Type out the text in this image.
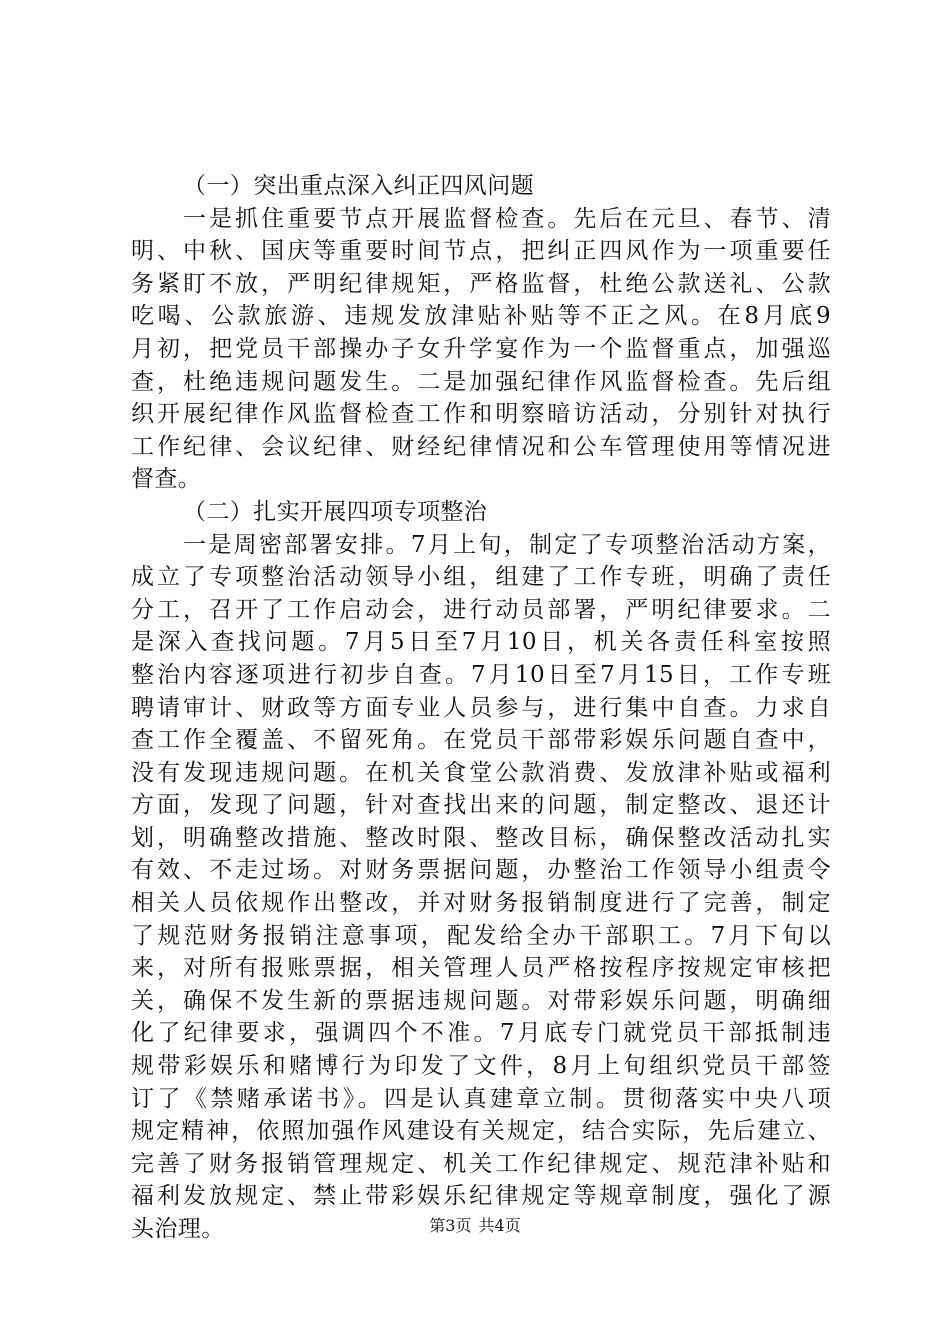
（一）突出重点深入纠正四风问题
一是抓住重要节点开展监督检查。先后在元旦、春节、清
明、中秋、国庆等重要时间节点，把纠正四风作为一项重要任
务紧盯不放，严明纪律规矩，严格监督，杜绝公款送礼、公款
吃喝、公款旅游、违规发放津贴补贴等不正之风。在8月底9
月初，把党员干部操办子女升学宴作为一个监督重点，加强巡
查，杜绝违规问题发生。二是加强纪律作风监督检查。先后组
织开展纪律作风监督检查工作和明察暗访活动，分别针对执行
工作纪律、会议纪律、财经纪律情况和公车管理使用等情况进
督查。
（二）扎实开展四项专项整治
一是周密部署安排。7月上旬，制定了专项整治活动方案，
成立了专项整治活动领导小组，组建了工作专班，明确了责任
分工，召开了工作启动会，进行动员部署，严明纪律要求。二
是深入查找问题。7月5日至7月10日，机关各责任科室按照
整治内容逐项进行初步自查。7月10日至7月15日，工作专班
聘请审计、财政等方面专业人员参与，进行集中自查。力求自
查工作全覆盖、不留死角。在党员干部带彩娱乐问题自查中，
没有发现违规问题。在机关食堂公款消费、发放津补贴或福利
方面，发现了问题，针对查找出来的问题，制定整改、退还计
划，明确整改措施、整改时限、整改目标，确保整改活动扎实
有效、不走过场。对财务票据问题，办整治工作领导小组责令
相关人员依规作出整改，并对财务报销制度进行了完善，制定
了规范财务报销注意事项，配发给全办干部职工。7月下旬以
来，对所有报账票据，相关管理人员严格按程序按规定审核把
关，确保不发生新的票据违规问题。对带彩娱乐问题，明确细
化了纪律要求，强调四个不准。7月底专门就党员干部抵制违
规带彩娱乐和赌博行为印发了文件，8月上旬组织党员干部签
订了《禁赌承诺书》。四是认真建章立制。贯彻落实中央八项
规定精神，依照加强作风建设有关规定，结合实际，先后建立、
完善了财务报销管理规定、机关工作纪律规定、规范津补贴和
福利发放规定、禁止带彩娱乐纪律规定等规章制度，强化了源
头治理。	第3页 共4页
